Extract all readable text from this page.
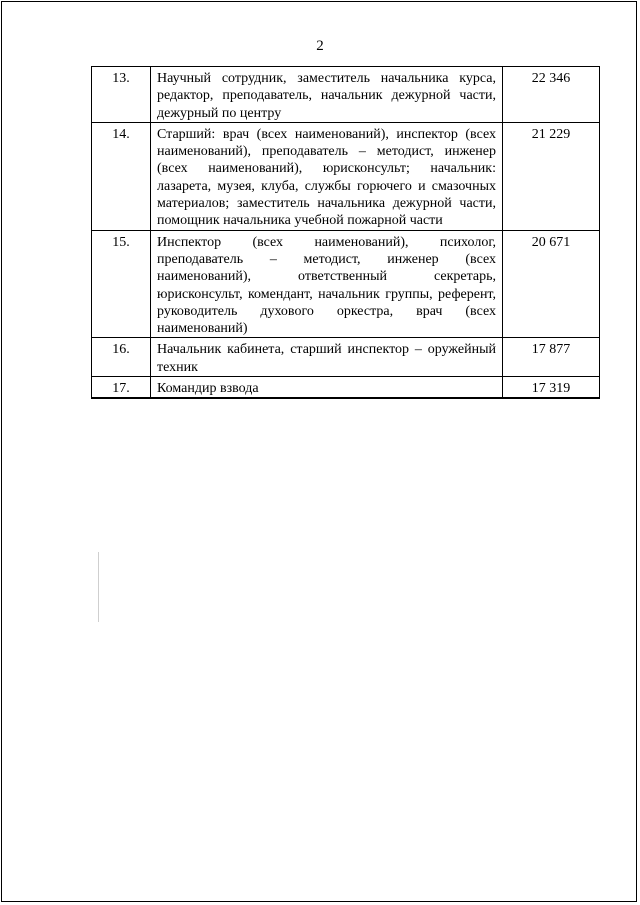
2
13.	Научный сотрудник, заместитель начальника курса, редактор, преподаватель, начальник дежурной части, дежурный по центру	22 346
14.	Старший: врач (всех наименований), инспектор (всех наименований), преподаватель – методист, инженер (всех наименований), юрисконсульт; начальник: лазарета, музея, клуба, службы горючего и смазочных материалов; заместитель начальника дежурной части, помощник начальника учебной пожарной части	21 229
15.	Инспектор (всех наименований), психолог, преподаватель – методист, инженер (всех наименований), ответственный секретарь, юрисконсульт, комендант, начальник группы, референт, руководитель духового оркестра, врач (всех наименований)	20 671
16.	Начальник кабинета, старший инспектор – оружейный техник	17 877
17.	Командир взвода	17 319
